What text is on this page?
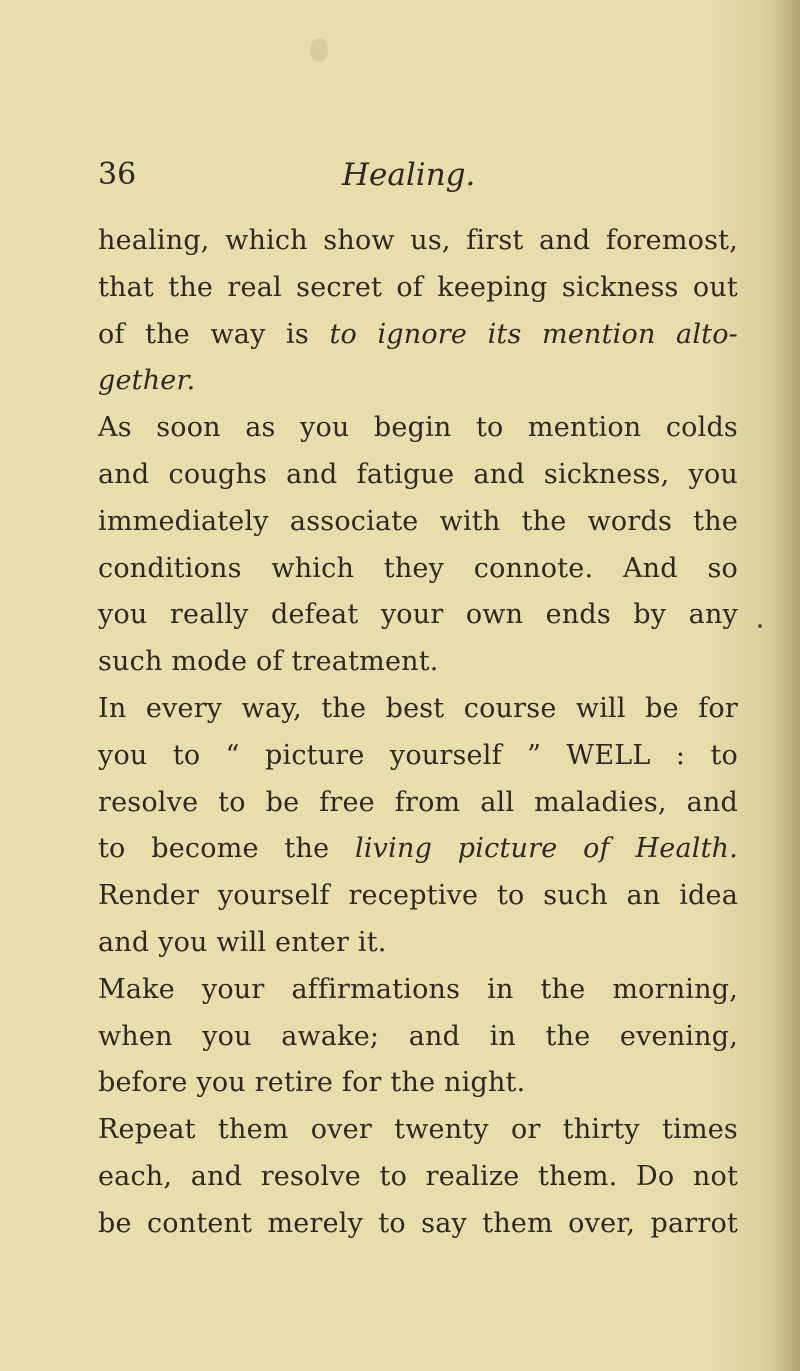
36	Healing.
healing, which show us, first and foremost,
that the real secret of keeping sickness out
of the way is to ignore its mention alto-
gether.
As soon as you begin to mention colds
and coughs and fatigue and sickness, you
immediately associate with the words the
conditions which they connote. And so
you really defeat your own ends by any
such mode of treatment.
In every way, the best course will be for
you to “ picture yourself ” WELL : to
resolve to be free from all maladies, and
to become the living picture of Health.
Render yourself receptive to such an idea
and you will enter it.
Make your affirmations in the morning,
when you awake; and in the evening,
before you retire for the night.
Repeat them over twenty or thirty times
each, and resolve to realize them. Do not
be content merely to say them over, parrot
